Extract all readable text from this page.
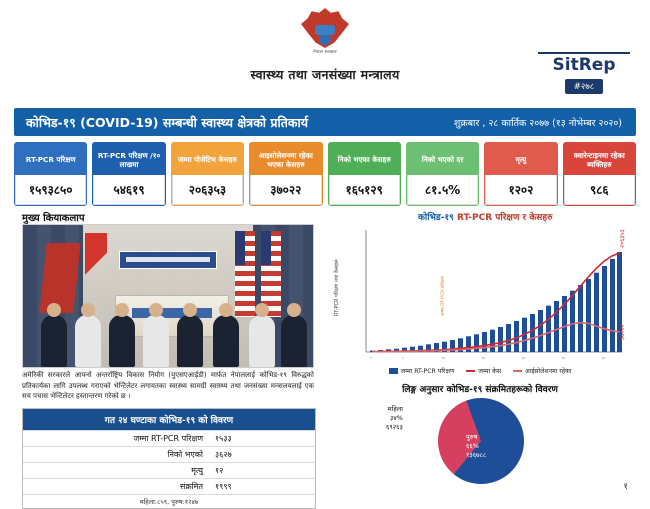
नेपाल सरकार
स्वास्थ्य तथा जनसंख्या मन्त्रालय	SitRep
#२७८
कोभिड-१९ (COVID-19) सम्बन्धी स्वास्थ्य क्षेत्रको प्रतिकार्य	शुक्रबार , २८ कार्तिक २०७७ (१३ नोभेम्बर २०२०)
RT-PCR परिक्षण
१५९३८५०
RT-PCR परिक्षण /१० लाखमा
५४६१९
जम्मा पोजेटिभ केसहरु
२०६३५३
आइसोलेशनमा रहेका भएका केसहरु
३७०२२
निको भएका केसहरु
१६५१२९
निको भएको दर
८१.५%
मृत्यु
१२०२
क्वारेन्टाइनमा रहेका ब्यक्तिहरु
९८६
मुख्य कियाकलाप	कोभिड-१९ RT-PCR परिक्षण र केसहरु
अमेरिकी सरकारले आफ्नो अन्तर्राष्ट्रिय विकास नियोग (युएसएआईडी) मार्फत नेपाललाई कोभिड-१९ विरुद्धको प्रतिकार्यका लागि उपलब्ध गराएको भेन्टिलेटर लगायतका स्वास्थ्य सामग्री स्वास्थ्य तथा जनसंख्या मन्त्रालयलाई एक सय पचास भेन्टिलेटर हस्तान्तरण गरेको छ ।
RT-PCR परिक्षण तथा केसहरू	जम्मा RT-PCR परिक्षण
२०६३५३
३७०२२
१	५	१०	१५	२०	२५	३०
जम्मा RT-PCR परिक्षण	जम्मा केस	आईसोलेशनमा रहेका
गत २४ घण्टाका कोभिड-१९ को विवरण
जम्मा RT-PCR परिक्षण	१५३३
निको भएको	३६२७
मृत्यु	१२
संक्रमित	१९९९
महिला:८५९, पुरुष:१२४७
लिङ्ग अनुसार कोभिड-१९ संक्रमितहरूको विवरण
महिला
३४%
६९२६३
पुरुष
६६%
१३६७८८
१
